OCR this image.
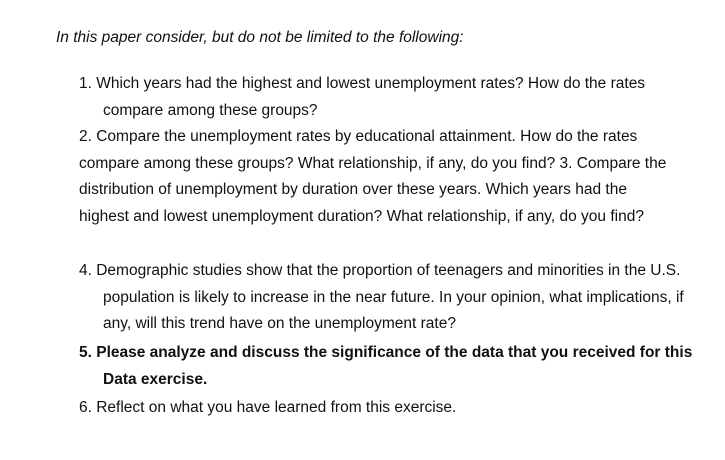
In this paper consider, but do not be limited to the following:

1. Which years had the highest and lowest unemployment rates? How do the rates compare among these groups?

2. Compare the unemployment rates by educational attainment. How do the rates compare among these groups? What relationship, if any, do you find? 3. Compare the distribution of unemployment by duration over these years. Which years had the highest and lowest unemployment duration? What relationship, if any, do you find?

4. Demographic studies show that the proportion of teenagers and minorities in the U.S. population is likely to increase in the near future. In your opinion, what implications, if any, will this trend have on the unemployment rate?

5. Please analyze and discuss the significance of the data that you received for this Data exercise.

6. Reflect on what you have learned from this exercise.
